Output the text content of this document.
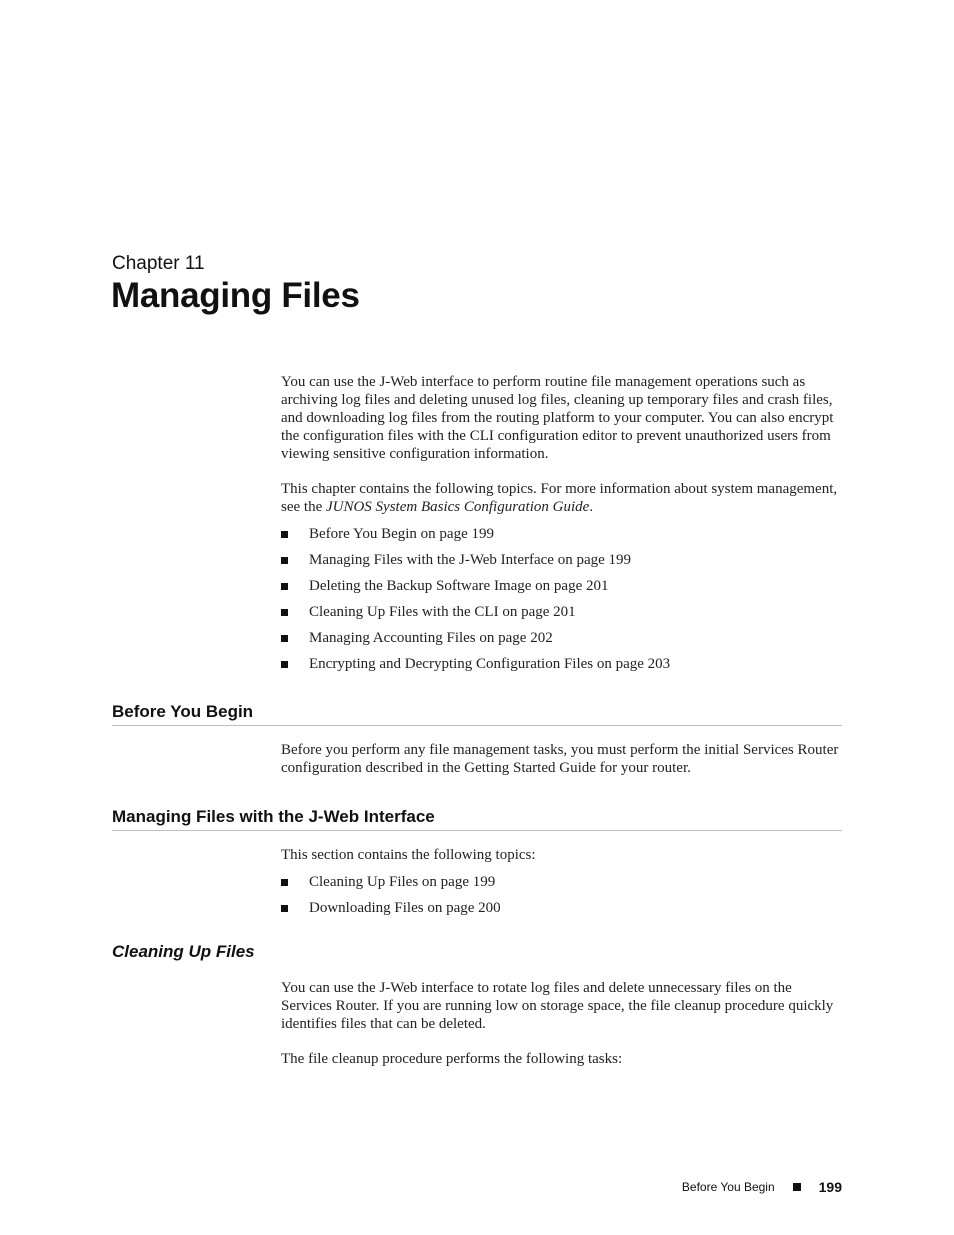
Chapter 11
Managing Files

You can use the J-Web interface to perform routine file management operations such as archiving log files and deleting unused log files, cleaning up temporary files and crash files, and downloading log files from the routing platform to your computer. You can also encrypt the configuration files with the CLI configuration editor to prevent unauthorized users from viewing sensitive configuration information.

This chapter contains the following topics. For more information about system management, see the JUNOS System Basics Configuration Guide.

Before You Begin on page 199
Managing Files with the J-Web Interface on page 199
Deleting the Backup Software Image on page 201
Cleaning Up Files with the CLI on page 201
Managing Accounting Files on page 202
Encrypting and Decrypting Configuration Files on page 203
Before You Begin

Before you perform any file management tasks, you must perform the initial Services Router configuration described in the Getting Started Guide for your router.

Managing Files with the J-Web Interface

This section contains the following topics:

Cleaning Up Files on page 199
Downloading Files on page 200
Cleaning Up Files

You can use the J-Web interface to rotate log files and delete unnecessary files on the Services Router. If you are running low on storage space, the file cleanup procedure quickly identifies files that can be deleted.

The file cleanup procedure performs the following tasks:

Before You Begin	199
